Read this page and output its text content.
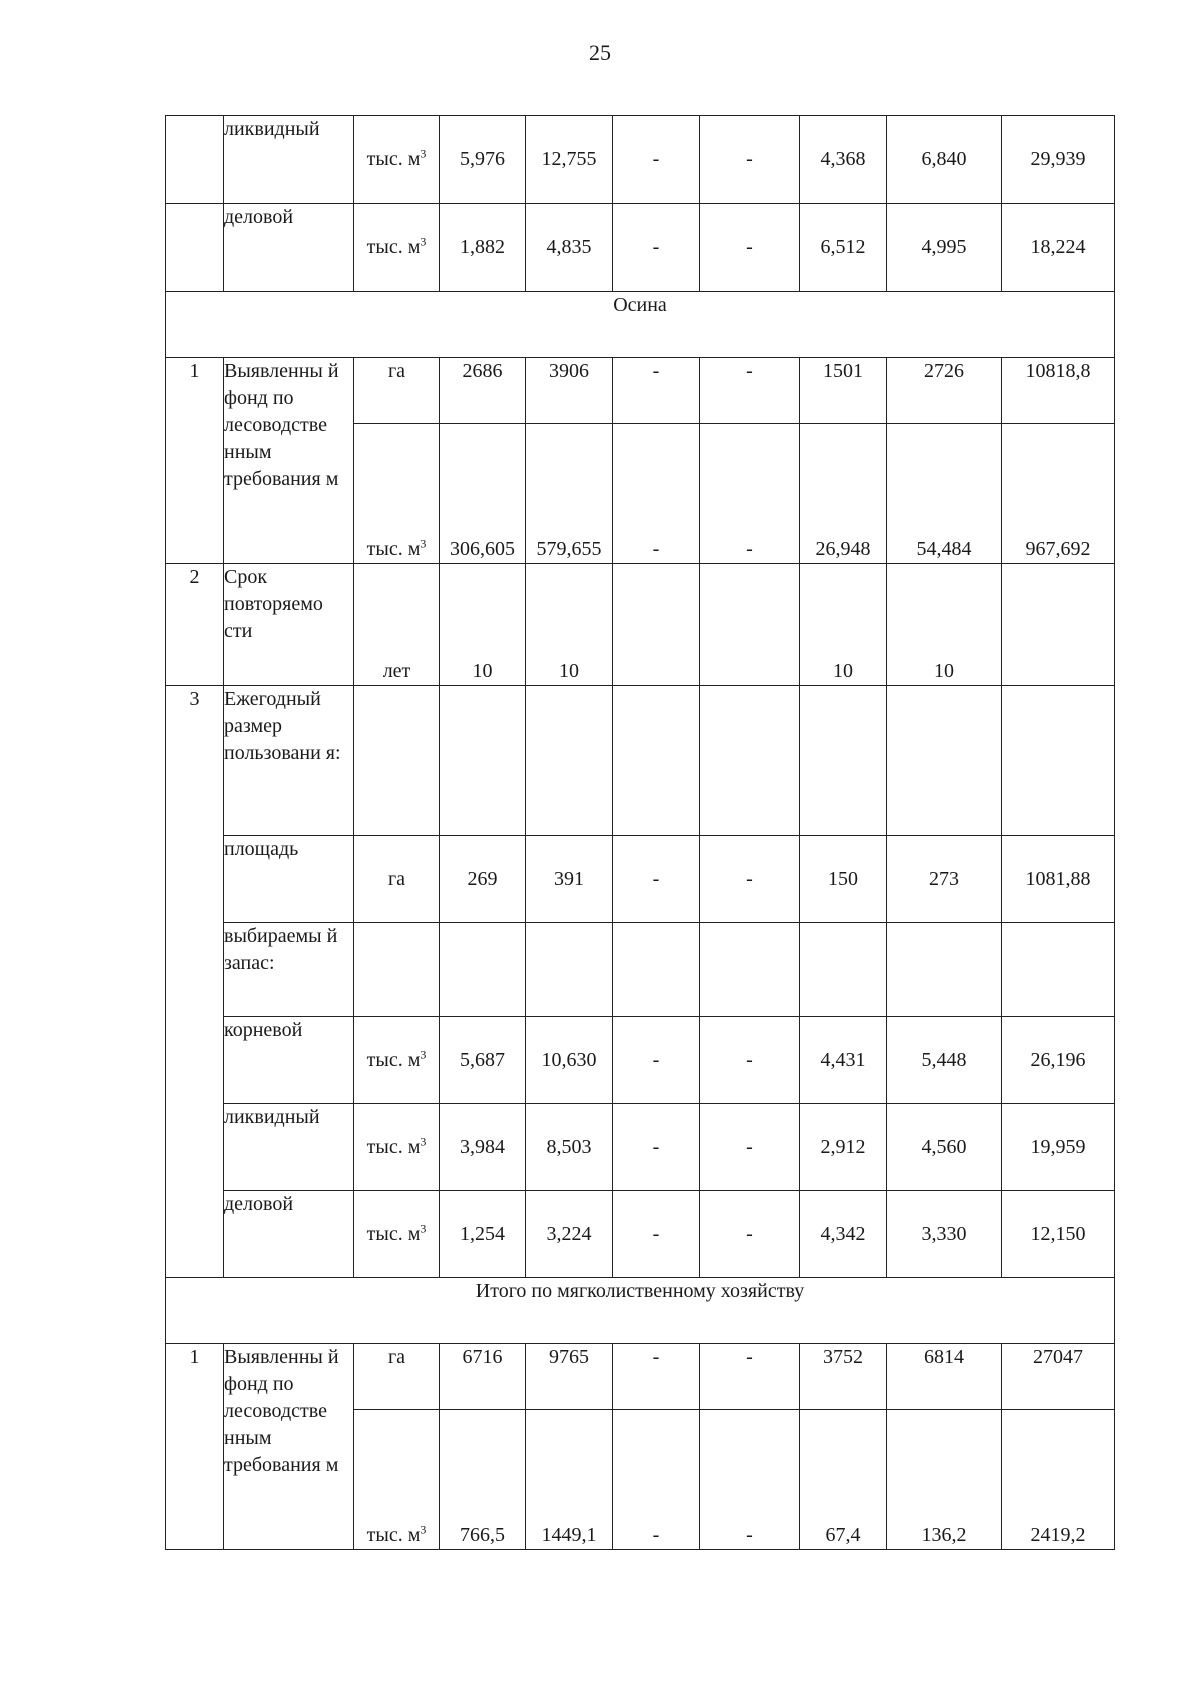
25
	ликвидный	тыс. $м^3$	5,976	12,755	-	-	4,368	6,840	29,939
	деловой	тыс. $м^3$	1,882	4,835	-	-	6,512	4,995	18,224
Осина									
1	Выявленны й фонд по лесоводстве нным требования м	га	2686	3906	-	-	1501	2726	10818,8
		тыс. $м^3$	306,605	579,655	-	-	26,948	54,484	967,692
2	Срок повторяемо сти	лет	10	10			10	10	
3	Ежегодный размер пользовани я:								
	площадь	га	269	391	-	-	150	273	1081,88
	выбираемы й запас:								
	корневой	тыс. $м^3$	5,687	10,630	-	-	4,431	5,448	26,196
	ликвидный	тыс. $м^3$	3,984	8,503	-	-	2,912	4,560	19,959
	деловой	тыс. $м^3$	1,254	3,224	-	-	4,342	3,330	12,150
Итого по мягколиственному хозяйству									
1	Выявленны й фонд по лесоводстве нным требования м	га	6716	9765	-	-	3752	6814	27047
		тыс. $м^3$	766,5	1449,1	-	-	67,4	136,2	2419,2
